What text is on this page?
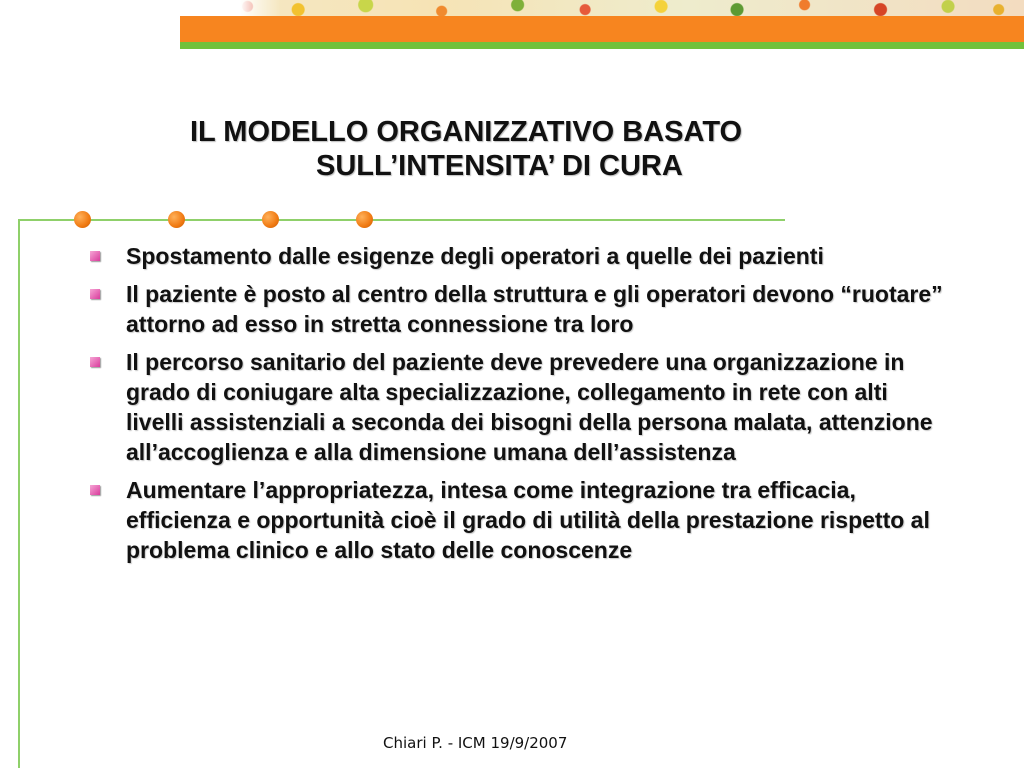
IL MODELLO ORGANIZZATIVO BASATO
SULL’INTENSITA’ DI CURA
Spostamento dalle esigenze degli operatori a quelle dei pazienti
Il paziente è posto al centro della struttura e gli operatori devono “ruotare” attorno ad esso in stretta connessione tra loro
Il percorso sanitario del paziente deve prevedere una organizzazione in grado di coniugare alta specializzazione, collegamento in rete con alti livelli assistenziali a seconda dei bisogni della persona malata, attenzione all’accoglienza e alla dimensione umana dell’assistenza
Aumentare l’appropriatezza, intesa come integrazione tra efficacia, efficienza e opportunità cioè il grado di utilità della prestazione rispetto al problema clinico e allo stato delle conoscenze

Chiari P. - ICM 19/9/2007
